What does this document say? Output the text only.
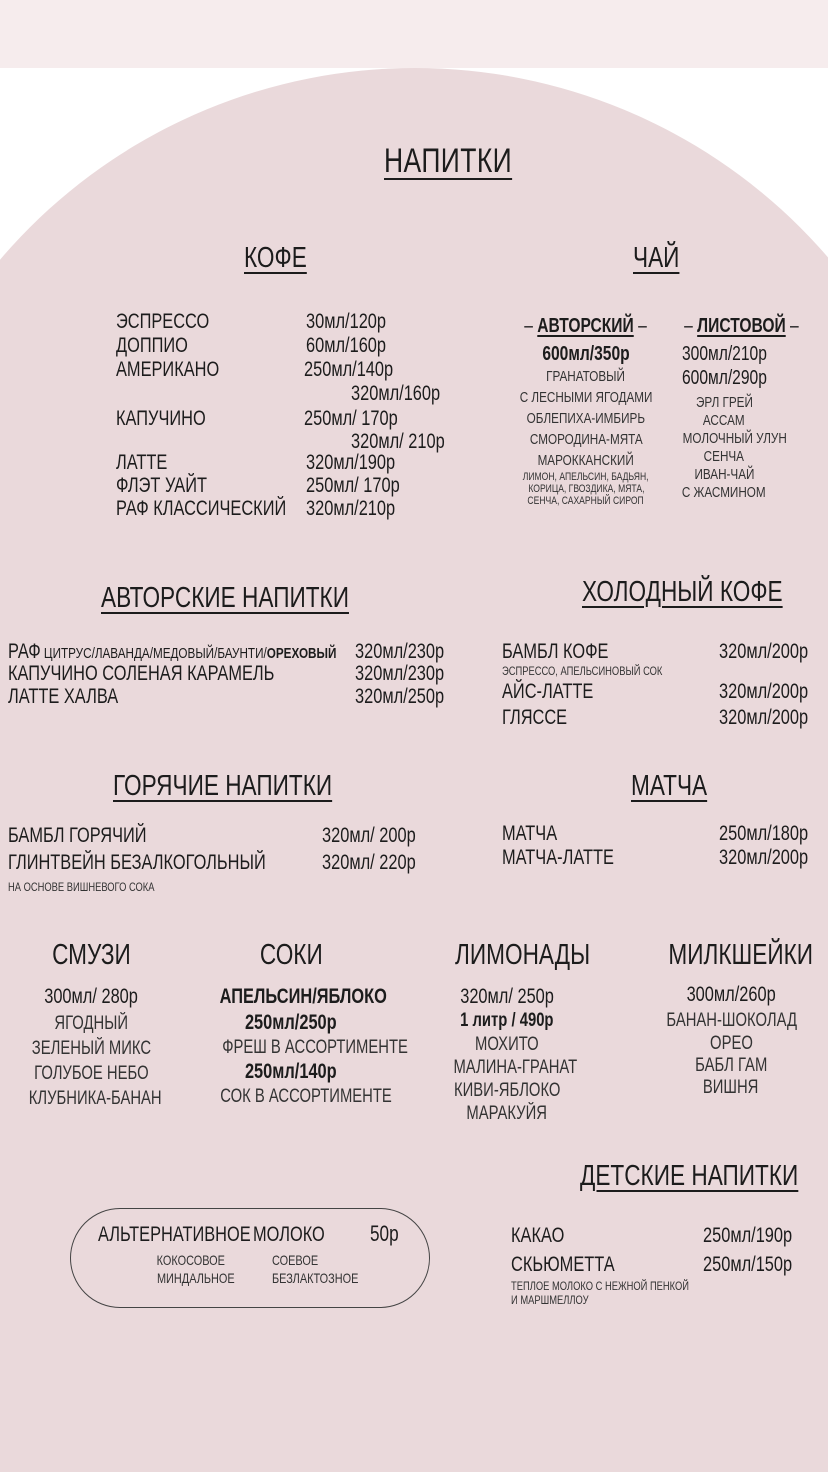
НАПИТКИ
КОФЕ
ЭСПРЕССО	30мл/120р
ДОППИО	60мл/160р
АМЕРИКАНО	250мл/140р
320мл/160р
КАПУЧИНО	250мл/ 170р
320мл/ 210р
ЛАТТЕ	320мл/190р
ФЛЭТ УАЙТ	250мл/ 170р
РАФ КЛАССИЧЕСКИЙ 320мл/210р
ЧАЙ
– АВТОРСКИЙ –
600мл/350р
ГРАНАТОВЫЙ
С ЛЕСНЫМИ ЯГОДАМИ
ОБЛЕПИХА-ИМБИРЬ
СМОРОДИНА-МЯТА
МАРОККАНСКИЙ
ЛИМОН, АПЕЛЬСИН, БАДЬЯН,
КОРИЦА, ГВОЗДИКА, МЯТА,
СЕНЧА, САХАРНЫЙ СИРОП
– ЛИСТОВОЙ –
300мл/210р
600мл/290р
ЭРЛ ГРЕЙ
АССАМ
МОЛОЧНЫЙ УЛУН
СЕНЧА
ИВАН-ЧАЙ
С ЖАСМИНОМ
АВТОРСКИЕ НАПИТКИ
РАФ ЦИТРУС/ЛАВАНДА/МЕДОВЫЙ/БАУНТИ/ОРЕХОВЫЙ 320мл/230р
КАПУЧИНО СОЛЕНАЯ КАРАМЕЛЬ	320мл/230р
ЛАТТЕ ХАЛВА	320мл/250р
ХОЛОДНЫЙ КОФЕ
БАМБЛ КОФЕ
ЭСПРЕССО, АПЕЛЬСИНОВЫЙ СОК
320мл/200р
АЙС-ЛАТТЕ	320мл/200р
ГЛЯССЕ	320мл/200р
ГОРЯЧИЕ НАПИТКИ
БАМБЛ ГОРЯЧИЙ	320мл/ 200р
ГЛИНТВЕЙН БЕЗАЛКОГОЛЬНЫЙ	320мл/ 220р
НА ОСНОВЕ ВИШНЕВОГО СОКА
МАТЧА
МАТЧА	250мл/180р
МАТЧА-ЛАТТЕ	320мл/200р
СМУЗИ
300мл/ 280р
ЯГОДНЫЙ
ЗЕЛЕНЫЙ МИКС
ГОЛУБОЕ НЕБО
КЛУБНИКА-БАНАН
СОКИ
АПЕЛЬСИН/ЯБЛОКО
250мл/250р
ФРЕШ В АССОРТИМЕНТЕ
250мл/140р
СОК В АССОРТИМЕНТЕ
ЛИМОНАДЫ
320мл/ 250р
1 литр / 490р
МОХИТО
МАЛИНА-ГРАНАТ
КИВИ-ЯБЛОКО
МАРАКУЙЯ
МИЛКШЕЙКИ
300мл/260р
БАНАН-ШОКОЛАД
ОРЕО
БАБЛ ГАМ
ВИШНЯ
ДЕТСКИЕ НАПИТКИ
КАКАО	250мл/190р
СКЬЮМЕТТА	250мл/150р
ТЕПЛОЕ МОЛОКО С НЕЖНОЙ ПЕНКОЙ
И МАРШМЕЛЛОУ
АЛЬТЕРНАТИВНОЕ МОЛОКО	50р
КОКОСОВОЕ
МИНДАЛЬНОЕ
СОЕВОЕ
БЕЗЛАКТОЗНОЕ
